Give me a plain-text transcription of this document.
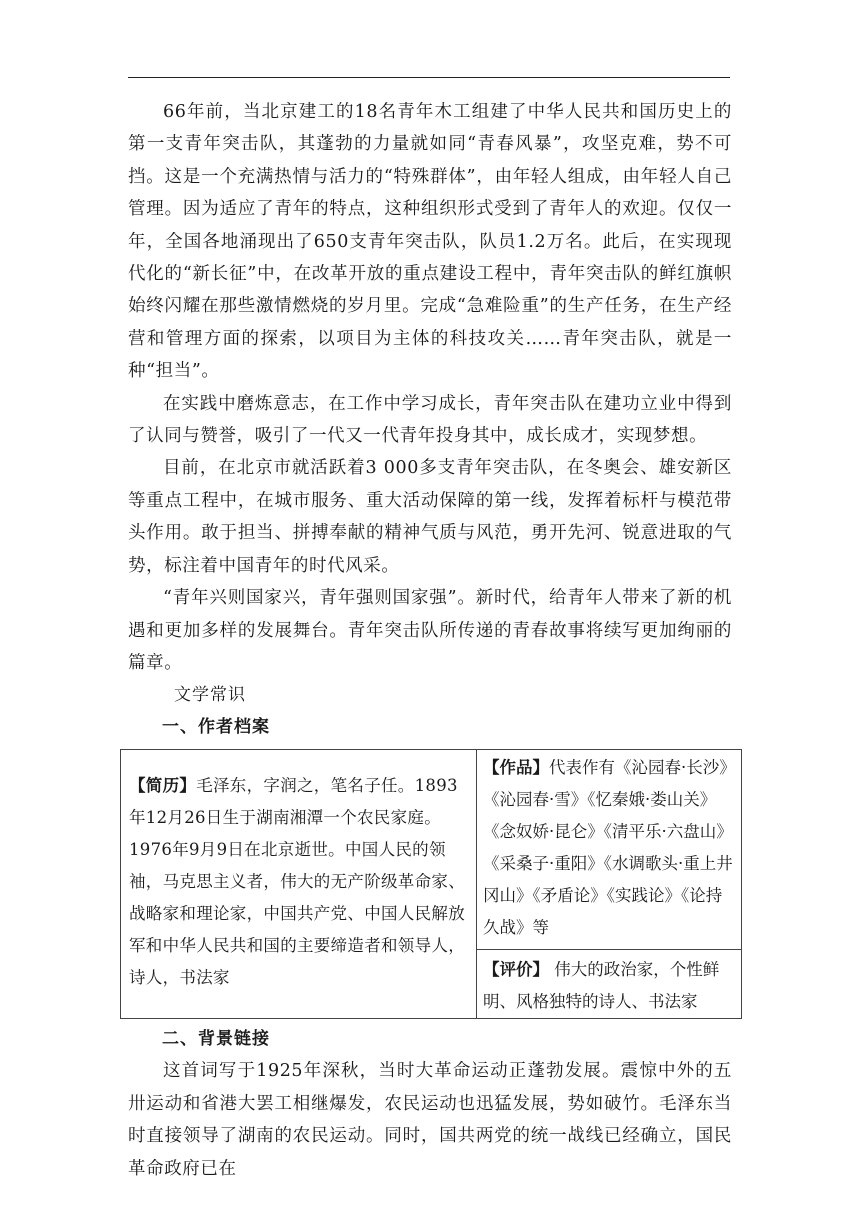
66年前，当北京建工的18名青年木工组建了中华人民共和国历史上的第一支青年突击队，其蓬勃的力量就如同“青春风暴”，攻坚克难，势不可挡。这是一个充满热情与活力的“特殊群体”，由年轻人组成，由年轻人自己管理。因为适应了青年的特点，这种组织形式受到了青年人的欢迎。仅仅一年，全国各地涌现出了650支青年突击队，队员1.2万名。此后，在实现现代化的“新长征”中，在改革开放的重点建设工程中，青年突击队的鲜红旗帜始终闪耀在那些激情燃烧的岁月里。完成“急难险重”的生产任务，在生产经营和管理方面的探索，以项目为主体的科技攻关……青年突击队，就是一种“担当”。

在实践中磨炼意志，在工作中学习成长，青年突击队在建功立业中得到了认同与赞誉，吸引了一代又一代青年投身其中，成长成才，实现梦想。

目前，在北京市就活跃着3 000多支青年突击队，在冬奥会、雄安新区等重点工程中，在城市服务、重大活动保障的第一线，发挥着标杆与模范带头作用。敢于担当、拼搏奉献的精神气质与风范，勇开先河、锐意进取的气势，标注着中国青年的时代风采。

“青年兴则国家兴，青年强则国家强”。新时代，给青年人带来了新的机遇和更加多样的发展舞台。青年突击队所传递的青春故事将续写更加绚丽的篇章。

文学常识

一、作者档案

【简历】毛泽东，字润之，笔名子任。1893年12月26日生于湖南湘潭一个农民家庭。1976年9月9日在北京逝世。中国人民的领袖，马克思主义者，伟大的无产阶级革命家、战略家和理论家，中国共产党、中国人民解放军和中华人民共和国的主要缔造者和领导人，诗人，书法家
【作品】代表作有《沁园春·长沙》《沁园春·雪》《忆秦娥·娄山关》《念奴娇·昆仑》《清平乐·六盘山》《采桑子·重阳》《水调歌头·重上井冈山》《矛盾论》《实践论》《论持久战》等
【评价】 伟大的政治家，个性鲜明、风格独特的诗人、书法家

二、背景链接

这首词写于1925年深秋，当时大革命运动正蓬勃发展。震惊中外的五卅运动和省港大罢工相继爆发，农民运动也迅猛发展，势如破竹。毛泽东当时直接领导了湖南的农民运动。同时，国共两党的统一战线已经确立，国民革命政府已在
